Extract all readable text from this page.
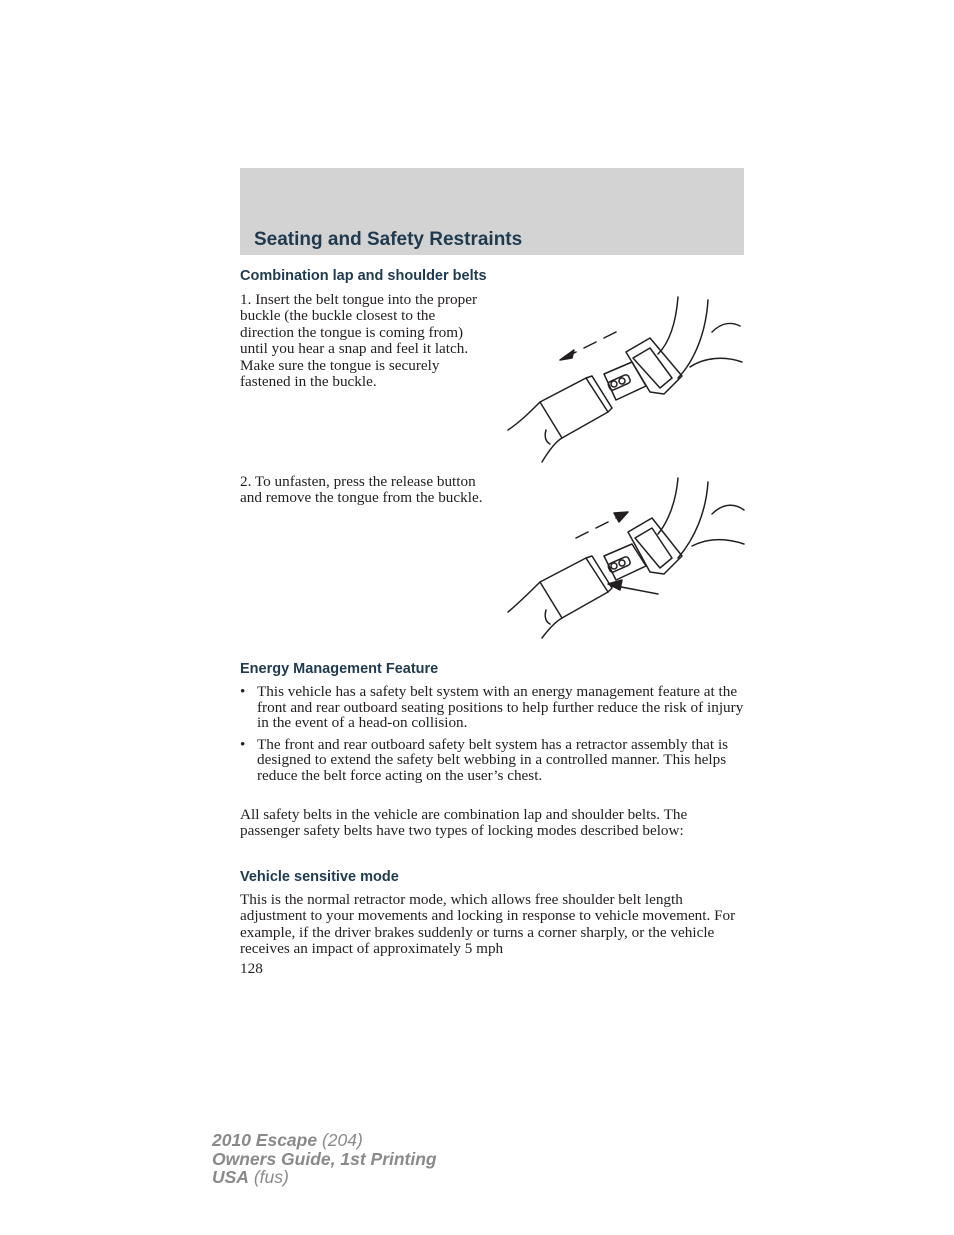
Seating and Safety Restraints
Combination lap and shoulder belts

1. Insert the belt tongue into the proper buckle (the buckle closest to the direction the tongue is coming from) until you hear a snap and feel it latch. Make sure the tongue is securely fastened in the buckle.

2. To unfasten, press the release button and remove the tongue from the buckle.

Energy Management Feature
• This vehicle has a safety belt system with an energy management feature at the front and rear outboard seating positions to help further reduce the risk of injury in the event of a head-on collision.
• The front and rear outboard safety belt system has a retractor assembly that is designed to extend the safety belt webbing in a controlled manner. This helps reduce the belt force acting on the user’s chest.

All safety belts in the vehicle are combination lap and shoulder belts. The passenger safety belts have two types of locking modes described below:

Vehicle sensitive mode

This is the normal retractor mode, which allows free shoulder belt length adjustment to your movements and locking in response to vehicle movement. For example, if the driver brakes suddenly or turns a corner sharply, or the vehicle receives an impact of approximately 5 mph

128

2010 Escape (204)
Owners Guide, 1st Printing
USA (fus)
